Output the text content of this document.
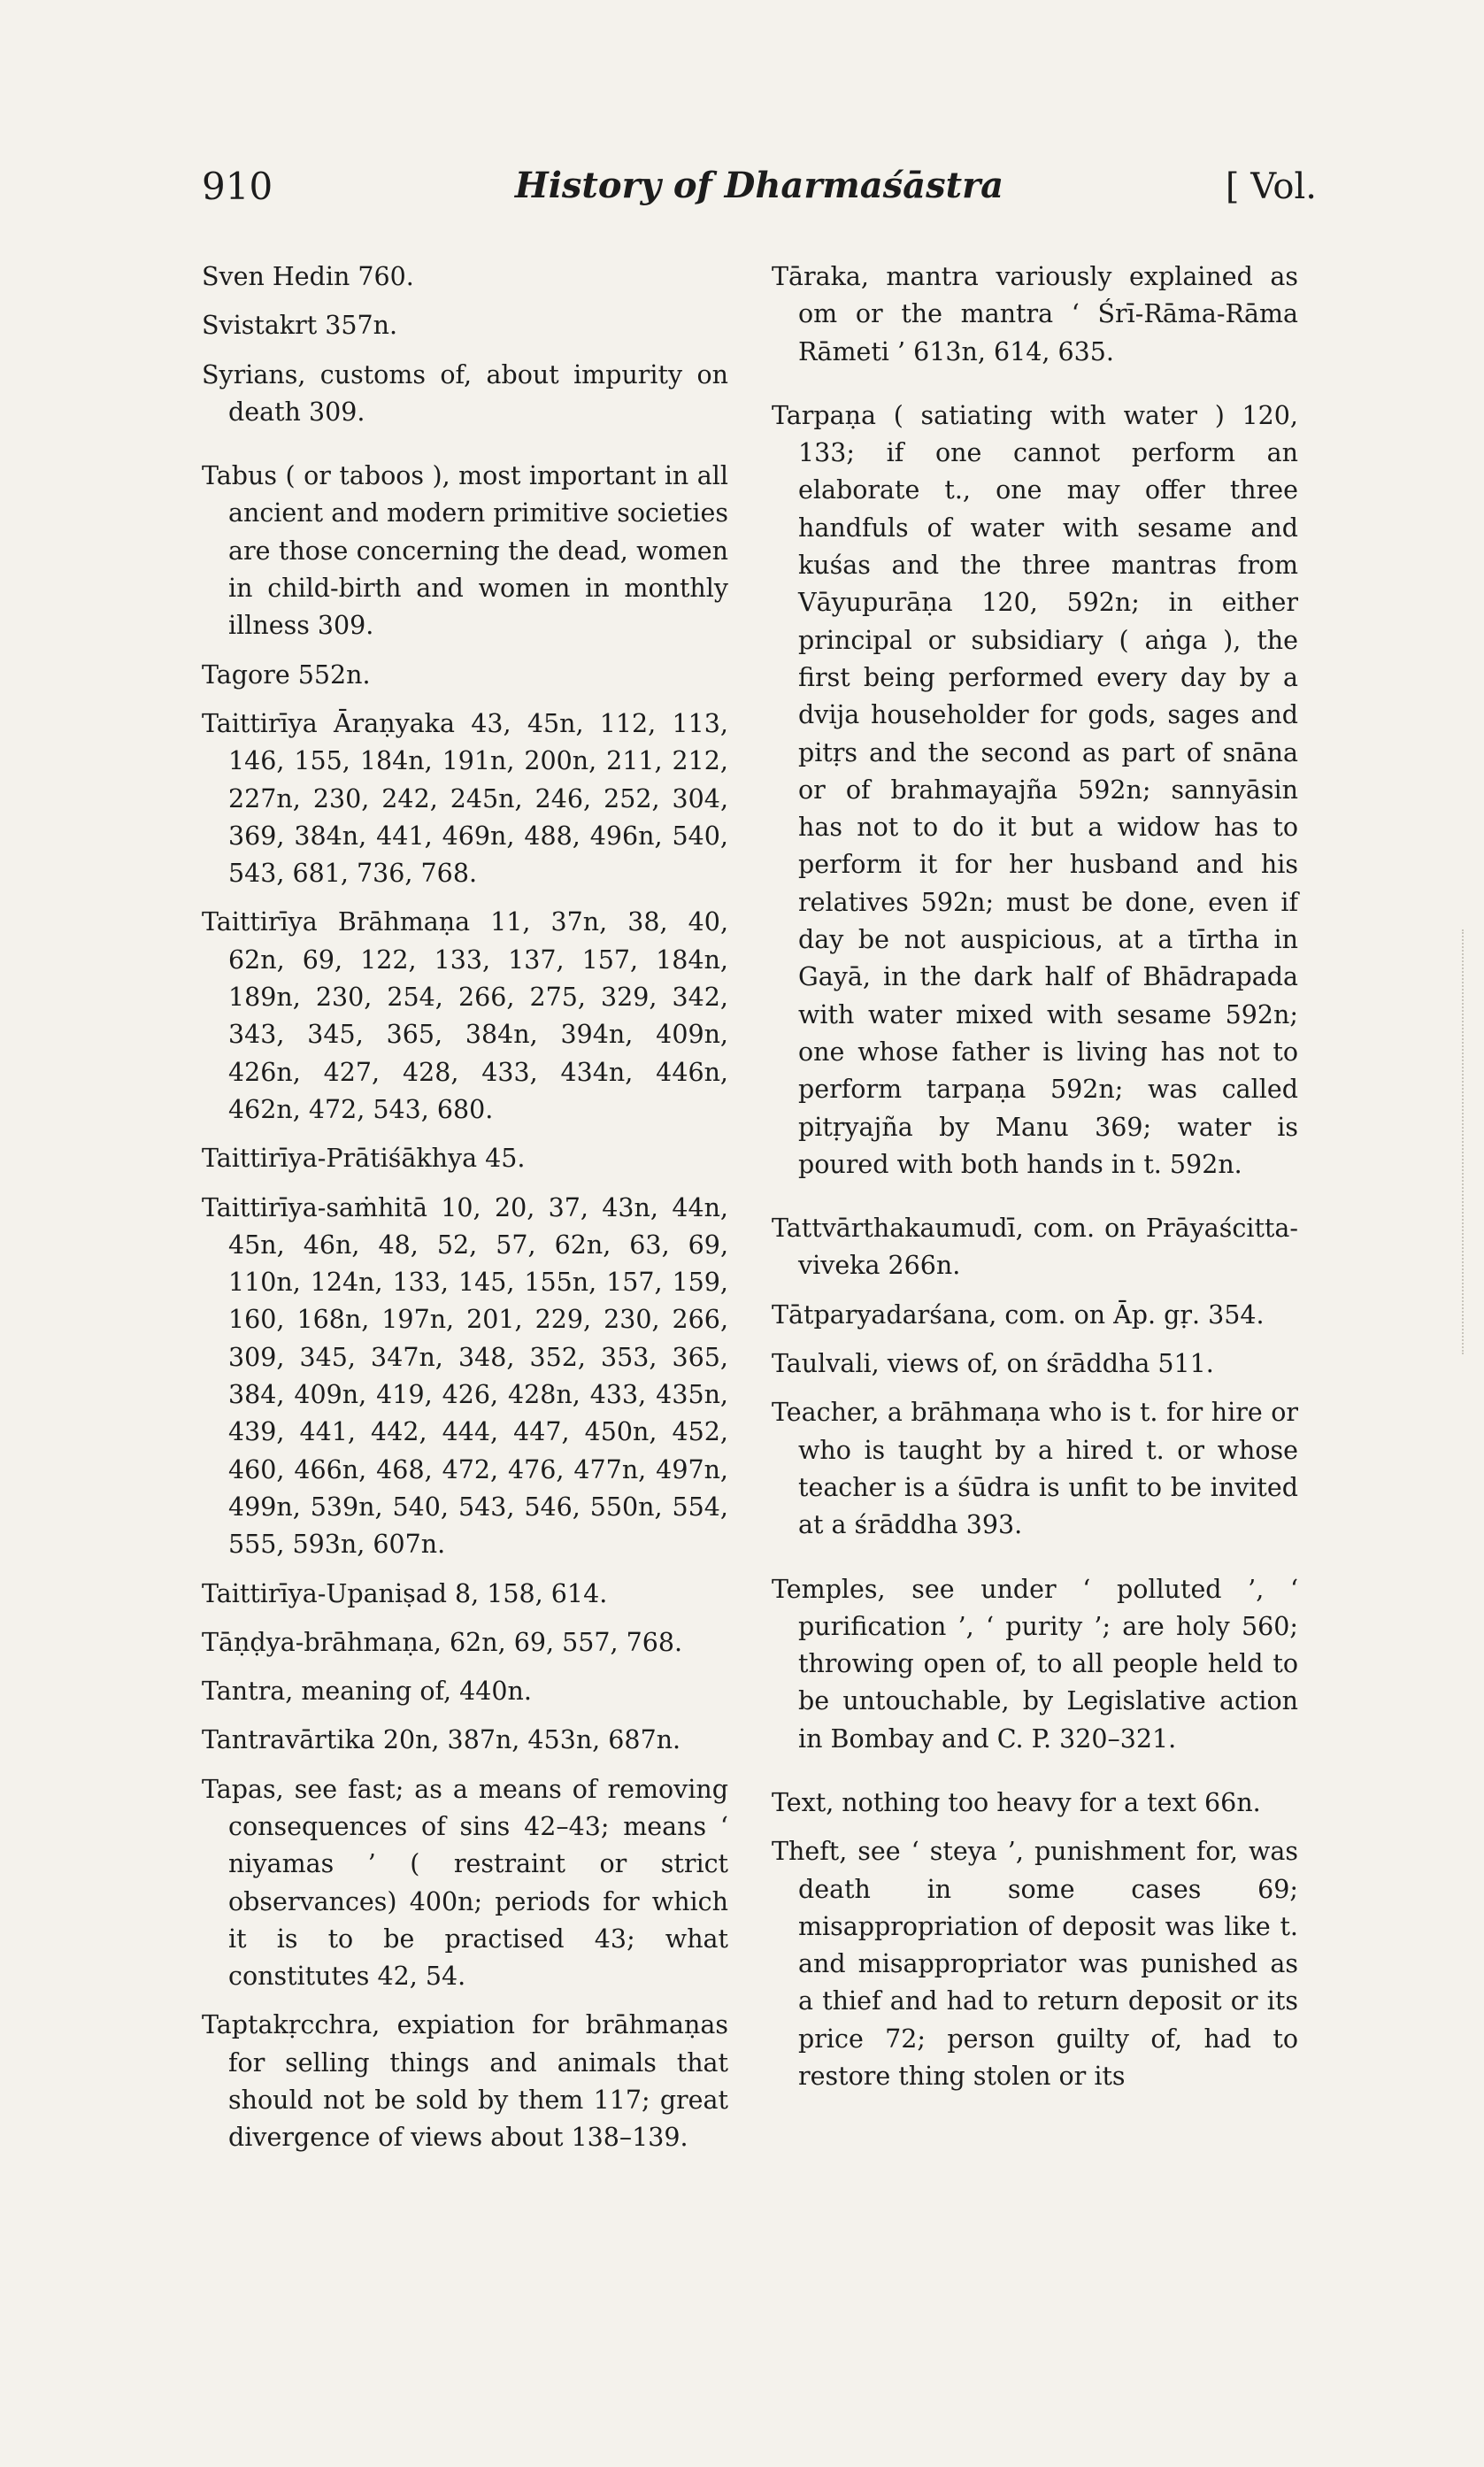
910	History of Dharmaśāstra	[ Vol.

Sven Hedin 760.

Svistakrt 357n.

Syrians, customs of, about impurity on death 309.

Tabus ( or taboos ), most important in all ancient and modern primitive societies are those concerning the dead, women in child-birth and women in monthly illness 309.

Tagore 552n.

Taittirīya Āraṇyaka 43, 45n, 112, 113, 146, 155, 184n, 191n, 200n, 211, 212, 227n, 230, 242, 245n, 246, 252, 304, 369, 384n, 441, 469n, 488, 496n, 540, 543, 681, 736, 768.

Taittirīya Brāhmaṇa 11, 37n, 38, 40, 62n, 69, 122, 133, 137, 157, 184n, 189n, 230, 254, 266, 275, 329, 342, 343, 345, 365, 384n, 394n, 409n, 426n, 427, 428, 433, 434n, 446n, 462n, 472, 543, 680.

Taittirīya-Prātiśākhya 45.

Taittirīya-saṁhitā 10, 20, 37, 43n, 44n, 45n, 46n, 48, 52, 57, 62n, 63, 69, 110n, 124n, 133, 145, 155n, 157, 159, 160, 168n, 197n, 201, 229, 230, 266, 309, 345, 347n, 348, 352, 353, 365, 384, 409n, 419, 426, 428n, 433, 435n, 439, 441, 442, 444, 447, 450n, 452, 460, 466n, 468, 472, 476, 477n, 497n, 499n, 539n, 540, 543, 546, 550n, 554, 555, 593n, 607n.

Taittirīya-Upaniṣad 8, 158, 614.

Tāṇḍya-brāhmaṇa, 62n, 69, 557, 768.

Tantra, meaning of, 440n.

Tantravārtika 20n, 387n, 453n, 687n.

Tapas, see fast; as a means of removing consequences of sins 42–43; means ‘ niyamas ’ ( restraint or strict observances) 400n; periods for which it is to be practised 43; what constitutes 42, 54.

Taptakṛcchra, expiation for brāhmaṇas for selling things and animals that should not be sold by them 117; great divergence of views about 138–139.

Tāraka, mantra variously explained as om or the mantra ‘ Śrī-Rāma-Rāma Rāmeti ’ 613n, 614, 635.

Tarpaṇa ( satiating with water ) 120, 133; if one cannot perform an elaborate t., one may offer three handfuls of water with sesame and kuśas and the three mantras from Vāyupurāṇa 120, 592n; in either principal or subsidiary ( aṅga ), the first being performed every day by a dvija householder for gods, sages and pitṛs and the second as part of snāna or of brahmayajña 592n; sannyāsin has not to do it but a widow has to perform it for her husband and his relatives 592n; must be done, even if day be not auspicious, at a tīrtha in Gayā, in the dark half of Bhādrapada with water mixed with sesame 592n; one whose father is living has not to perform tarpaṇa 592n; was called pitṛyajña by Manu 369; water is poured with both hands in t. 592n.

Tattvārthakaumudī, com. on Prāyaścitta-viveka 266n.

Tātparyadarśana, com. on Āp. gṛ. 354.

Taulvali, views of, on śrāddha 511.

Teacher, a brāhmaṇa who is t. for hire or who is taught by a hired t. or whose teacher is a śūdra is unfit to be invited at a śrāddha 393.

Temples, see under ‘ polluted ’, ‘ purification ’, ‘ purity ’; are holy 560; throwing open of, to all people held to be untouchable, by Legislative action in Bombay and C. P. 320–321.

Text, nothing too heavy for a text 66n.

Theft, see ‘ steya ’, punishment for, was death in some cases 69; misappropriation of deposit was like t. and misappropriator was punished as a thief and had to return deposit or its price 72; person guilty of, had to restore thing stolen or its
